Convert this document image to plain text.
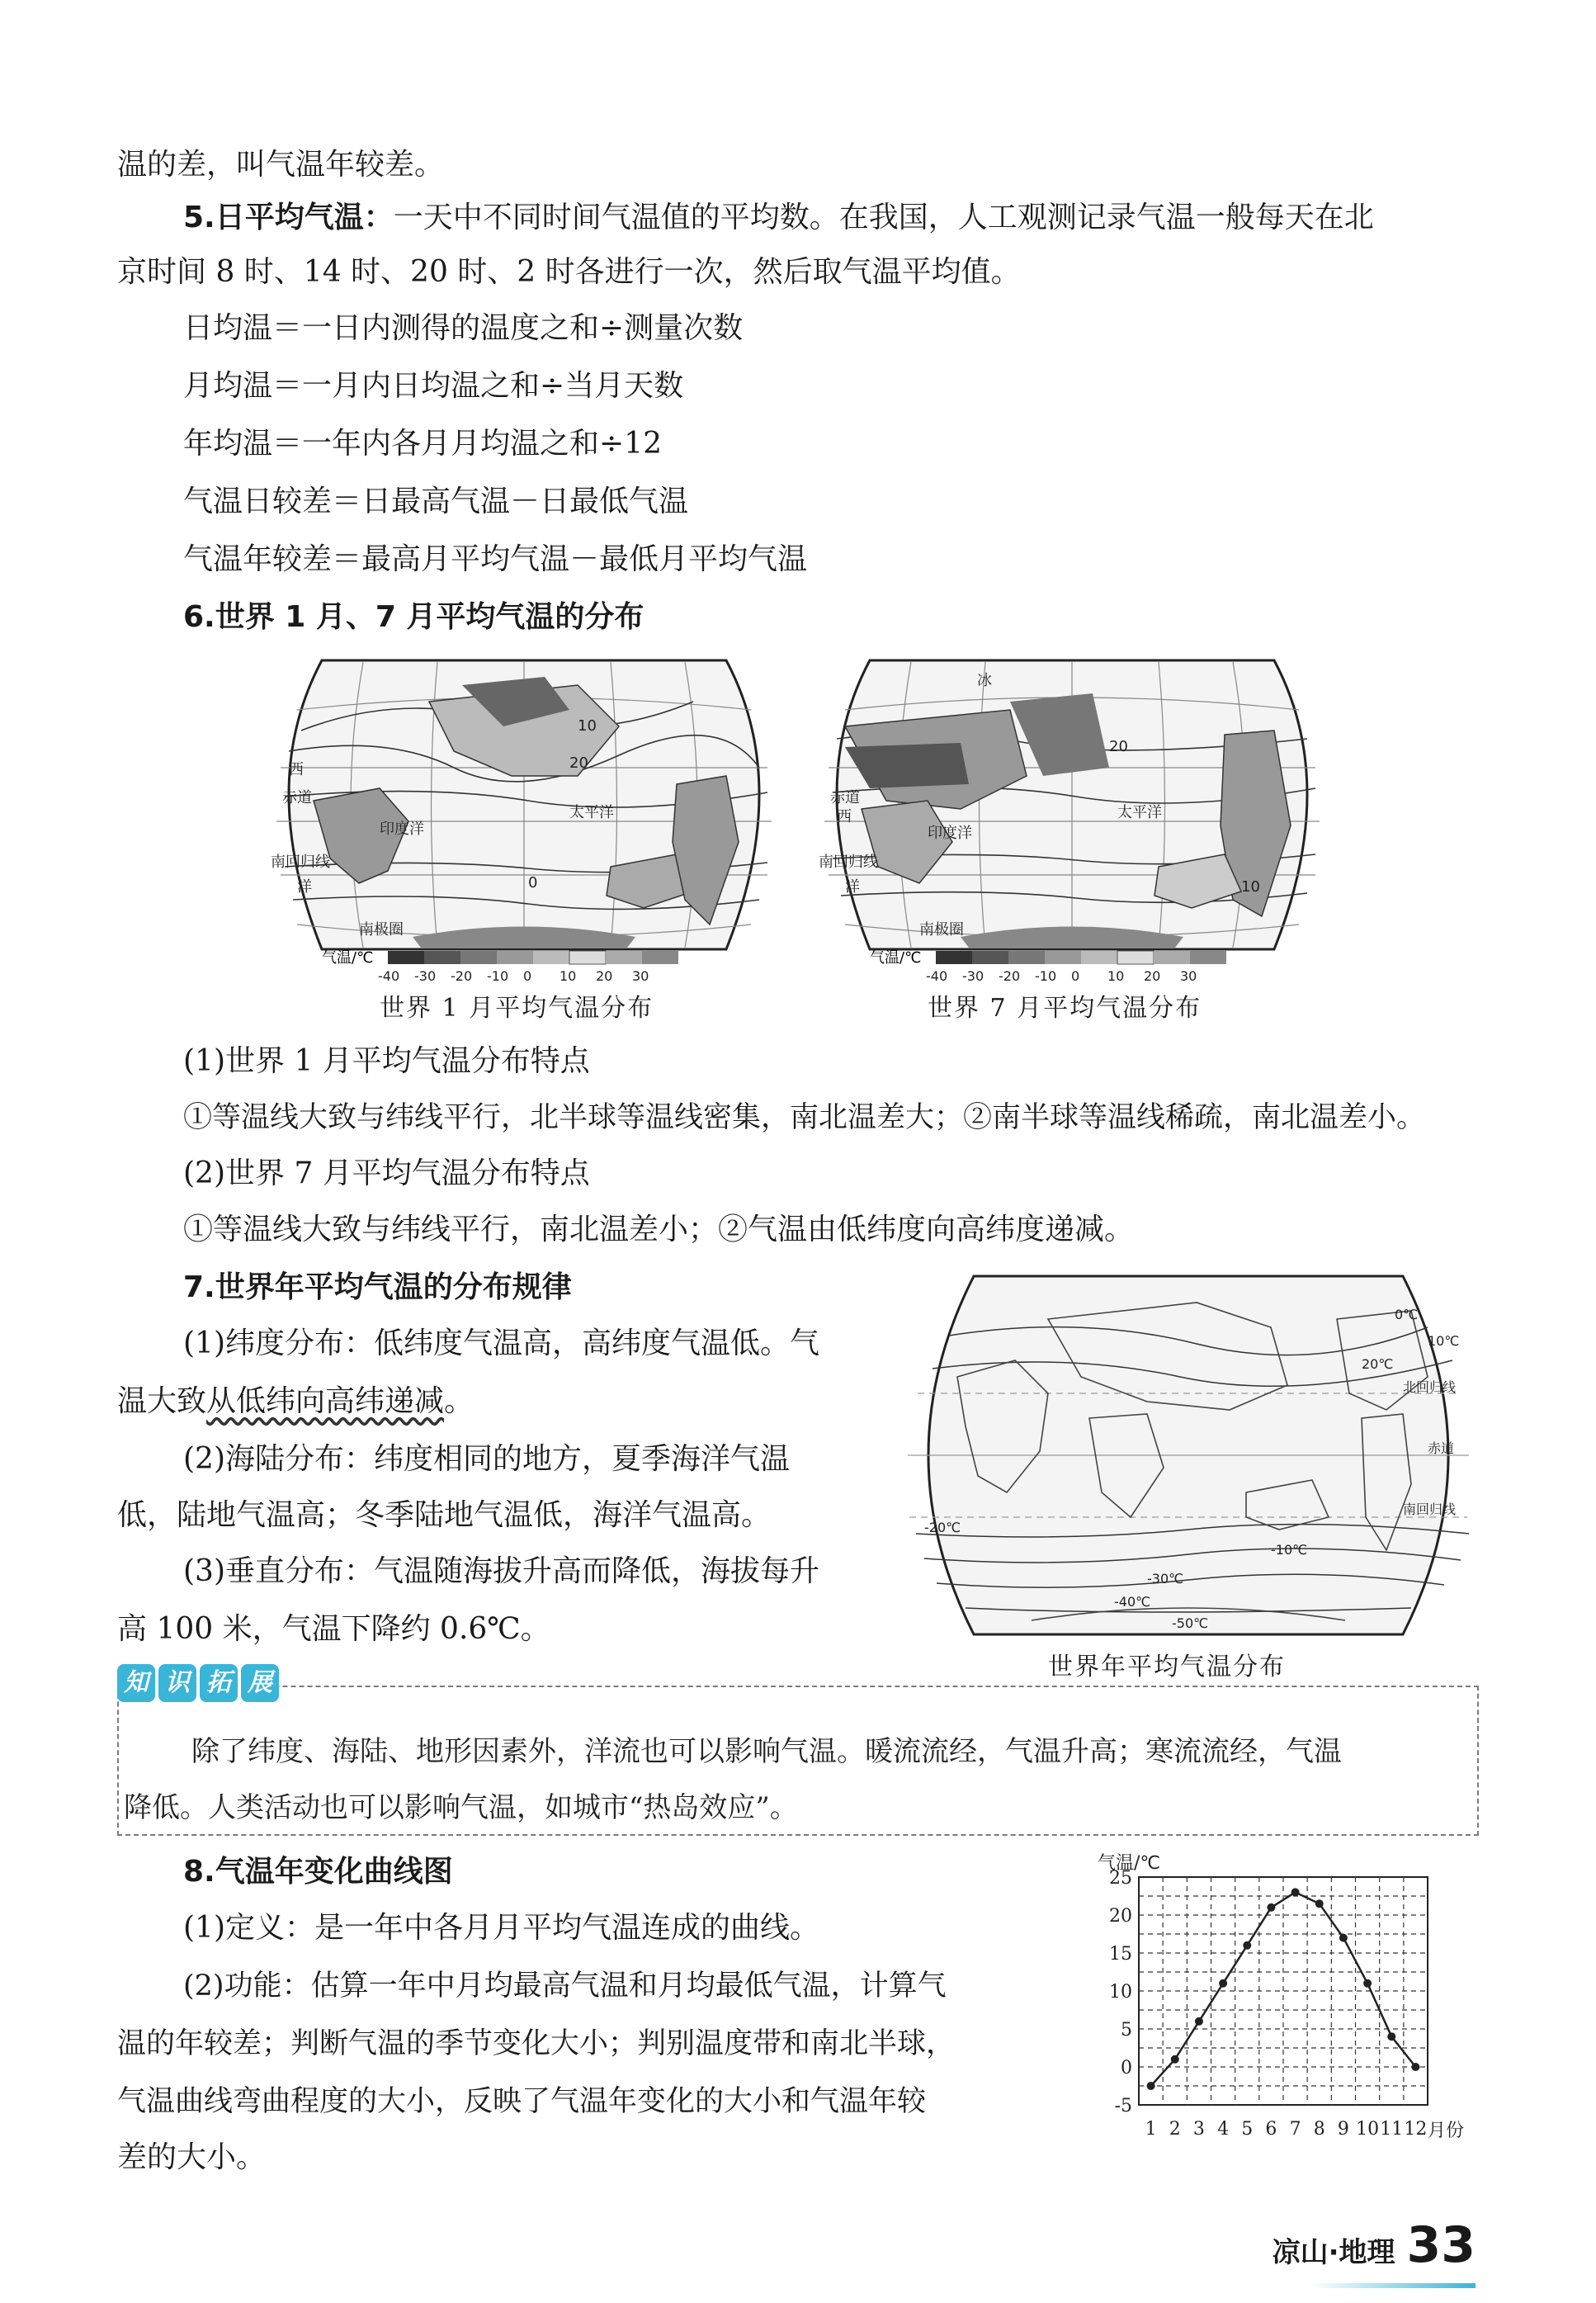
温的差，叫气温年较差。
5.日平均气温：一天中不同时间气温值的平均数。在我国，人工观测记录气温一般每天在北
京时间 8 时、14 时、20 时、2 时各进行一次，然后取气温平均值。
日均温＝一日内测得的温度之和÷测量次数
月均温＝一月内日均温之和÷当月天数
年均温＝一年内各月月均温之和÷12
气温日较差＝日最高气温－日最低气温
气温年较差＝最高月平均气温－最低月平均气温
6.世界 1 月、7 月平均气温的分布
赤道
印度洋
太平洋
南回归线
西
洋
南极圈
20
10
0
气温/℃
-40 -30 -20 -10 0 10 20 30
世界 1 月平均气温分布
赤道
印度洋
太平洋
南回归线
西
冰
洋
南极圈
20
10
气温/℃
-40 -30 -20 -10 0 10 20 30
世界 7 月平均气温分布
(1)世界 1 月平均气温分布特点
①等温线大致与纬线平行，北半球等温线密集，南北温差大；②南半球等温线稀疏，南北温差小。
(2)世界 7 月平均气温分布特点
①等温线大致与纬线平行，南北温差小；②气温由低纬度向高纬度递减。
7.世界年平均气温的分布规律
(1)纬度分布：低纬度气温高，高纬度气温低。气
温大致从低纬向高纬递减。
(2)海陆分布：纬度相同的地方，夏季海洋气温
低，陆地气温高；冬季陆地气温低，海洋气温高。
(3)垂直分布：气温随海拔升高而降低，海拔每升
高 100 米，气温下降约 0.6℃。
北回归线
赤道
南回归线
20℃
10℃
0℃
-20℃
-10℃
-30℃
-40℃
-50℃
世界年平均气温分布
知 识 拓 展
除了纬度、海陆、地形因素外，洋流也可以影响气温。暖流流经，气温升高；寒流流经，气温
降低。人类活动也可以影响气温，如城市“热岛效应”。
8.气温年变化曲线图
(1)定义：是一年中各月月平均气温连成的曲线。
(2)功能：估算一年中月均最高气温和月均最低气温，计算气
温的年较差；判断气温的季节变化大小；判别温度带和南北半球，
气温曲线弯曲程度的大小，反映了气温年变化的大小和气温年较
差的大小。
气温/℃
25
20
15
10
5
0
-5
1 2 3 4 5 6 7 8 9 10 11 12 月份
凉山·地理 33
